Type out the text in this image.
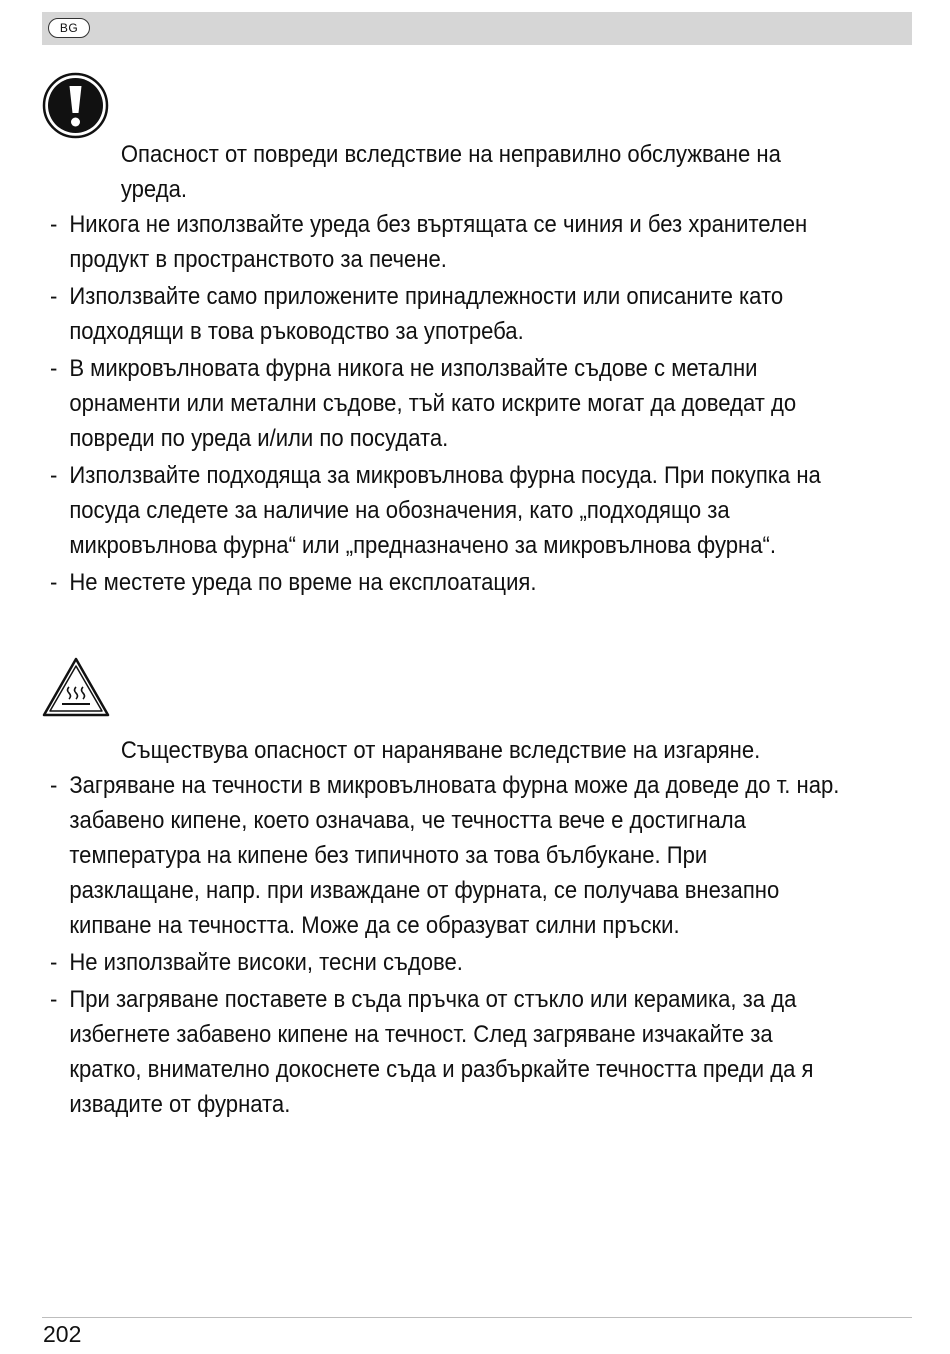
BG

Опасност от повреди вследствие на неправилно обслужване на уреда.

- Никога не използвайте уреда без въртящата се чиния и без хранителен продукт в пространството за печене.
- Използвайте само приложените принадлежности или описаните като подходящи в това ръководство за употреба.
- В микровълновата фурна никога не използвайте съдове с метални орнаменти или метални съдове, тъй като искрите могат да доведат до повреди по уреда и/или по посудата.
- Използвайте подходяща за микровълнова фурна посуда. При покупка на посуда следете за наличие на обозначения, като „подходящо за микровълнова фурна“ или „предназначено за микровълнова фурна“.
- Не местете уреда по време на експлоатация.

Съществува опасност от нараняване вследствие на изгаряне.

- Загряване на течности в микровълновата фурна може да доведе до т. нар. забавено кипене, което означава, че течността вече е достигнала температура на кипене без типичното за това бълбукане. При разклащане, напр. при изваждане от фурната, се получава внезапно кипване на течността. Може да се образуват силни пръски.
- Не използвайте високи, тесни съдове.
- При загряване поставете в съда пръчка от стъкло или керамика, за да избегнете забавено кипене на течност. След загряване изчакайте за кратко, внимателно докоснете съда и разбъркайте течността преди да я извадите от фурната.
202
